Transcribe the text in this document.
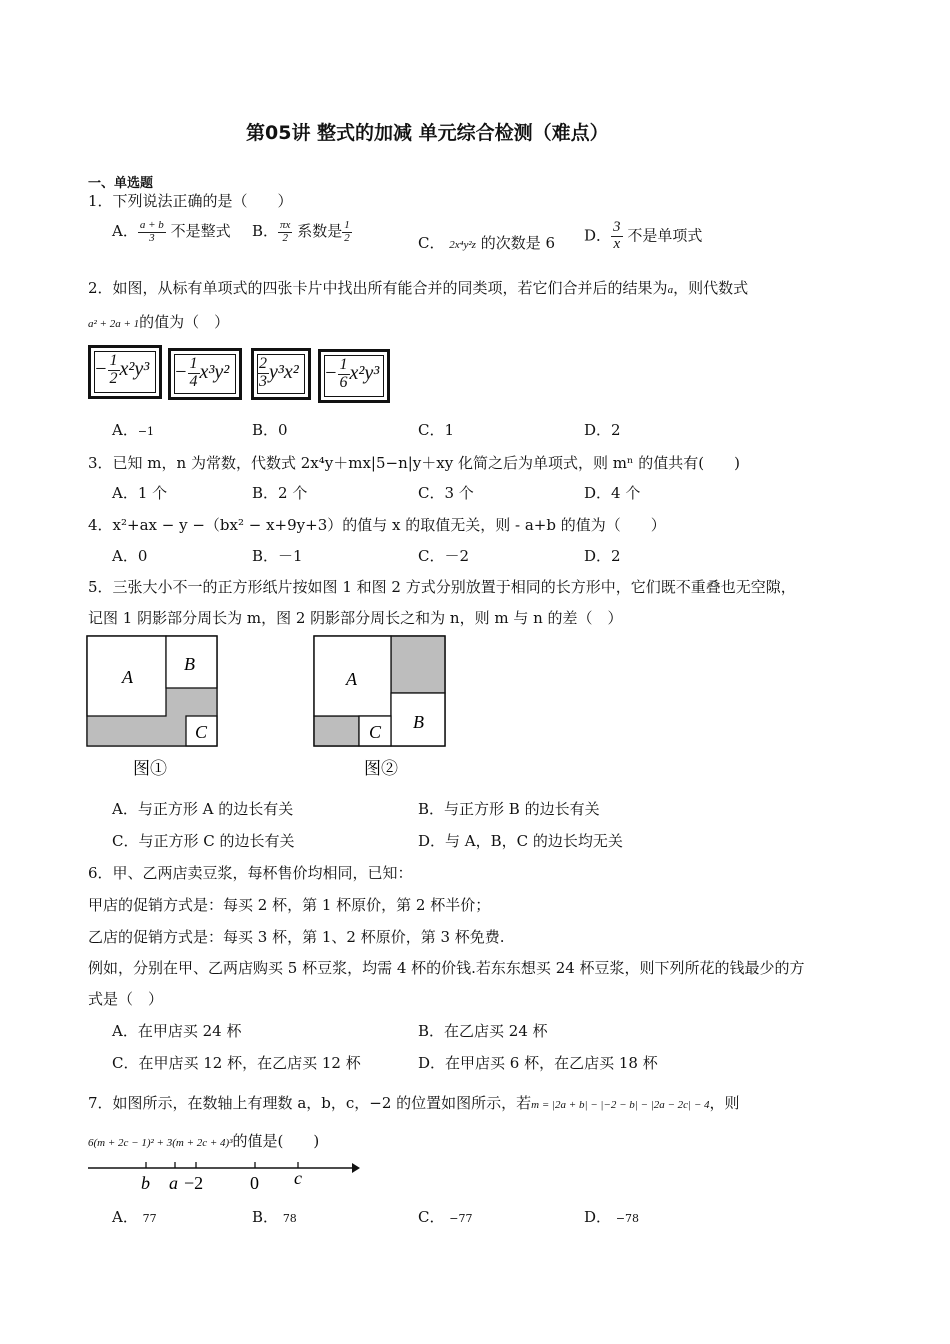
第05讲 整式的加减 单元综合检测（难点）
一、单选题
1．下列说法正确的是（　　）
A． $\frac{a + b}{3}$ 不是整式 B． $\frac{\pi x}{2}$ 系数是 $\frac{1}{2}$	C． 2x⁴y²z 的次数是 6 D． $\frac{3}{x}$ 不是单项式
2．如图，从标有单项式的四张卡片中找出所有能合并的同类项，若它们合并后的结果为a，则代数式
a² + 2a + 1的值为（　）
− $\frac{1}{2} x^2y^3 - \frac{1}{4} x^3y^2 \frac{2}{3} y^3x^2 - \frac{1}{6} x^2y^3$
A．−1	B．0	C．1	D．2
3．已知 m，n 为常数，代数式 2x⁴y＋mx|5−n|y＋xy 化简之后为单项式，则 mⁿ 的值共有(　　)
A．1 个	B．2 个	C．3 个	D．4 个
4．x²+ax − y −（bx² − x+9y+3）的值与 x 的取值无关，则 - a+b 的值为（　　）
A．0	B．－1	C．－2	D．2
5．三张大小不一的正方形纸片按如图 1 和图 2 方式分别放置于相同的长方形中，它们既不重叠也无空隙，
记图 1 阴影部分周长为 m，图 2 阴影部分周长之和为 n，则 m 与 n 的差（　）
A
B
C
A
B
C
图①	图②
A．与正方形 A 的边长有关	B．与正方形 B 的边长有关
C．与正方形 C 的边长有关	D．与 A，B，C 的边长均无关
6．甲、乙两店卖豆浆，每杯售价均相同，已知：
甲店的促销方式是：每买 2 杯，第 1 杯原价，第 2 杯半价；
乙店的促销方式是：每买 3 杯，第 1、2 杯原价，第 3 杯免费.
例如，分别在甲、乙两店购买 5 杯豆浆，均需 4 杯的价钱.若东东想买 24 杯豆浆，则下列所花的钱最少的方
式是（　）
A．在甲店买 24 杯	B．在乙店买 24 杯
C．在甲店买 12 杯，在乙店买 12 杯	D．在甲店买 6 杯，在乙店买 18 杯
7．如图所示，在数轴上有理数 a，b，c，−2 的位置如图所示，若m = |2a + b| − |−2 − b| − |2a − 2c| − 4，则
6(m + 2c − 1)² + 3(m + 2c + 4)³的值是(　　)
b a −2	0 c
A． 77	B． 78	C． −77	D． −78
